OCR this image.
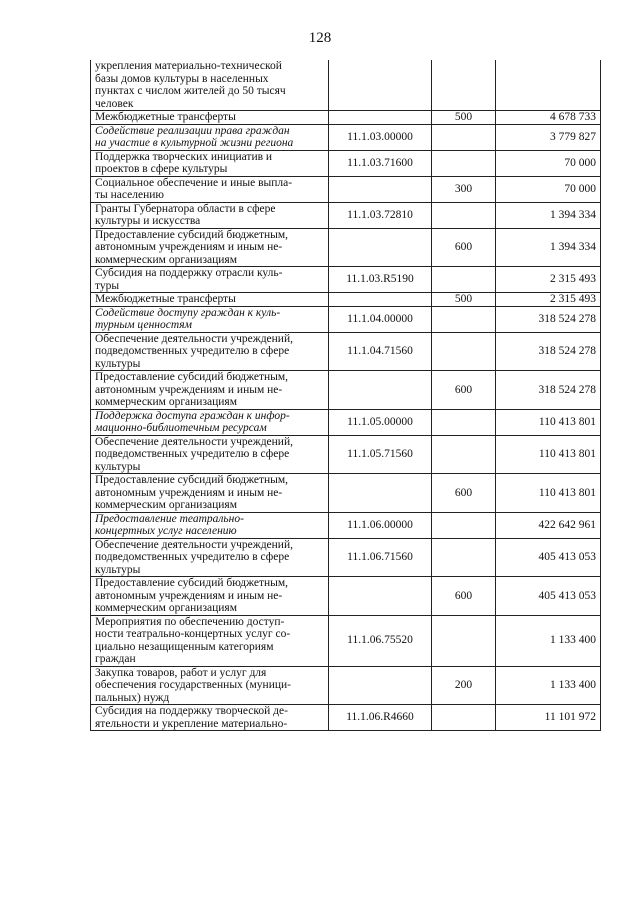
128
укрепления материально-технической
базы домов культуры в населенных
пунктах с числом жителей до 50 тысяч
человек			
Межбюджетные трансферты		500	4 678 733
Содействие реализации права граждан
на участие в культурной жизни региона	11.1.03.00000		3 779 827
Поддержка творческих инициатив и
проектов в сфере культуры	11.1.03.71600		70 000
Социальное обеспечение и иные выпла-
ты населению		300	70 000
Гранты Губернатора области в сфере
культуры и искусства	11.1.03.72810		1 394 334
Предоставление субсидий бюджетным,
автономным учреждениям и иным не-
коммерческим организациям		600	1 394 334
Субсидия на поддержку отрасли куль-
туры	11.1.03.R5190		2 315 493
Межбюджетные трансферты		500	2 315 493
Содействие доступу граждан к куль-
турным ценностям	11.1.04.00000		318 524 278
Обеспечение деятельности учреждений,
подведомственных учредителю в сфере
культуры	11.1.04.71560		318 524 278
Предоставление субсидий бюджетным,
автономным учреждениям и иным не-
коммерческим организациям		600	318 524 278
Поддержка доступа граждан к инфор-
мационно-библиотечным ресурсам	11.1.05.00000		110 413 801
Обеспечение деятельности учреждений,
подведомственных учредителю в сфере
культуры	11.1.05.71560		110 413 801
Предоставление субсидий бюджетным,
автономным учреждениям и иным не-
коммерческим организациям		600	110 413 801
Предоставление театрально-
концертных услуг населению	11.1.06.00000		422 642 961
Обеспечение деятельности учреждений,
подведомственных учредителю в сфере
культуры	11.1.06.71560		405 413 053
Предоставление субсидий бюджетным,
автономным учреждениям и иным не-
коммерческим организациям		600	405 413 053
Мероприятия по обеспечению доступ-
ности театрально-концертных услуг со-
циально незащищенным категориям
граждан	11.1.06.75520		1 133 400
Закупка товаров, работ и услуг для
обеспечения государственных (муници-
пальных) нужд		200	1 133 400
Субсидия на поддержку творческой де-
ятельности и укрепление материально-	11.1.06.R4660		11 101 972
